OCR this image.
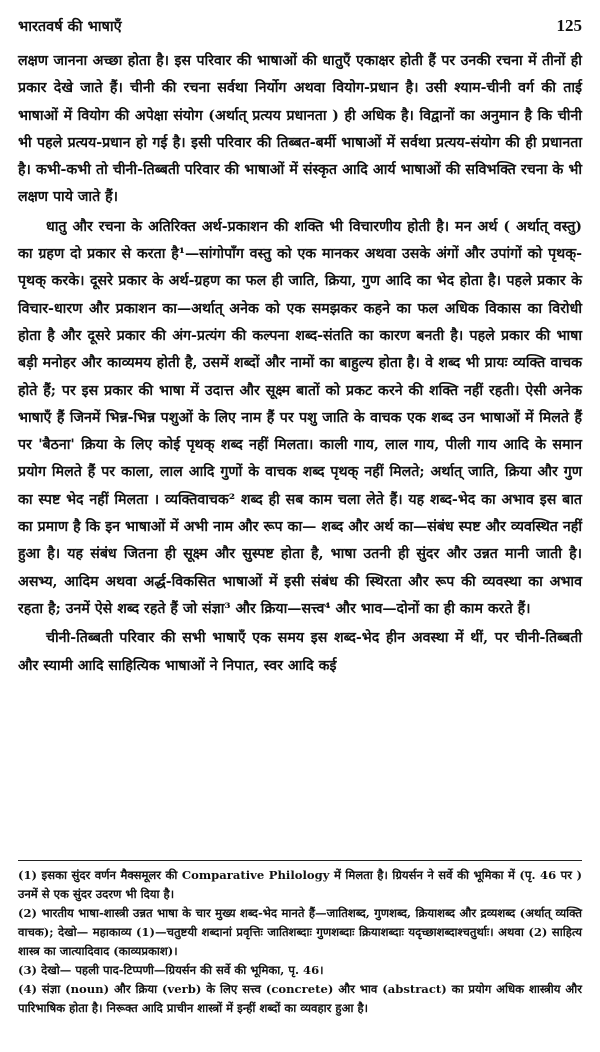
भारतवर्ष की भाषाएँ	125

लक्षण जानना अच्छा होता है। इस परिवार की भाषाओं की धातुएँ एकाक्षर होती हैं पर उनकी रचना में तीनों ही प्रकार देखे जाते हैं। चीनी की रचना सर्वथा निर्योग अथवा वियोग-प्रधान है। उसी श्याम-चीनी वर्ग की ताई भाषाओं में वियोग की अपेक्षा संयोग (अर्थात् प्रत्यय प्रधानता ) ही अधिक है। विद्वानों का अनुमान है कि चीनी भी पहले प्रत्यय-प्रधान हो गई है। इसी परिवार की तिब्बत-बर्मी भाषाओं में सर्वथा प्रत्यय-संयोग की ही प्रधानता है। कभी-कभी तो चीनी-तिब्बती परिवार की भाषाओं में संस्कृत आदि आर्य भाषाओं की सविभक्ति रचना के भी लक्षण पाये जाते हैं।

धातु और रचना के अतिरिक्त अर्थ-प्रकाशन की शक्ति भी विचारणीय होती है। मन अर्थ ( अर्थात् वस्तु) का ग्रहण दो प्रकार से करता है¹—सांगोपाँग वस्तु को एक मानकर अथवा उसके अंगों और उपांगों को पृथक्-पृथक् करके। दूसरे प्रकार के अर्थ-ग्रहण का फल ही जाति, क्रिया, गुण आदि का भेद होता है। पहले प्रकार के विचार-धारण और प्रकाशन का—अर्थात् अनेक को एक समझकर कहने का फल अधिक विकास का विरोधी होता है और दूसरे प्रकार की अंग-प्रत्यंग की कल्पना शब्द-संतति का कारण बनती है। पहले प्रकार की भाषा बड़ी मनोहर और काव्यमय होती है, उसमें शब्दों और नामों का बाहुल्य होता है। वे शब्द भी प्रायः व्यक्ति वाचक होते हैं; पर इस प्रकार की भाषा में उदात्त और सूक्ष्म बातों को प्रकट करने की शक्ति नहीं रहती। ऐसी अनेक भाषाएँ हैं जिनमें भिन्न-भिन्न पशुओं के लिए नाम हैं पर पशु जाति के वाचक एक शब्द उन भाषाओं में मिलते हैं पर 'बैठना' क्रिया के लिए कोई पृथक् शब्द नहीं मिलता। काली गाय, लाल गाय, पीली गाय आदि के समान प्रयोग मिलते हैं पर काला, लाल आदि गुणों के वाचक शब्द पृथक् नहीं मिलते; अर्थात् जाति, क्रिया और गुण का स्पष्ट भेद नहीं मिलता । व्यक्तिवाचक² शब्द ही सब काम चला लेते हैं। यह शब्द-भेद का अभाव इस बात का प्रमाण है कि इन भाषाओं में अभी नाम और रूप का— शब्द और अर्थ का—संबंध स्पष्ट और व्यवस्थित नहीं हुआ है। यह संबंध जितना ही सूक्ष्म और सुस्पष्ट होता है, भाषा उतनी ही सुंदर और उन्नत मानी जाती है। असभ्य, आदिम अथवा अर्द्ध-विकसित भाषाओं में इसी संबंध की स्थिरता और रूप की व्यवस्था का अभाव रहता है; उनमें ऐसे शब्द रहते हैं जो संज्ञा³ और क्रिया—सत्त्व⁴ और भाव—दोनों का ही काम करते हैं।

चीनी-तिब्बती परिवार की सभी भाषाएँ एक समय इस शब्द-भेद हीन अवस्था में थीं, पर चीनी-तिब्बती और स्यामी आदि साहित्यिक भाषाओं ने निपात, स्वर आदि कई

(1) इसका सुंदर वर्णन मैक्समूलर की Comparative Philology में मिलता है। ग्रियर्सन ने सर्वे की भूमिका में (पृ. 46 पर ) उनमें से एक सुंदर उदरण भी दिया है।

(2) भारतीय भाषा-शास्त्री उन्नत भाषा के चार मुख्य शब्द-भेद मानते हैं—जातिशब्द, गुणशब्द, क्रियाशब्द और द्रव्यशब्द (अर्थात् व्यक्ति वाचक); देखो— महाकाव्य (1)—चतुष्टयी शब्दानां प्रवृत्तिः जातिशब्दाः गुणशब्दाः क्रियाशब्दाः यदृच्छाशब्दाश्चतुर्थाः। अथवा (2) साहित्य शास्त्र का जात्यादिवाद (काव्यप्रकाश)।

(3) देखो— पहली पाद-टिप्पणी—ग्रियर्सन की सर्वे की भूमिका, पृ. 46।

(4) संज्ञा (noun) और क्रिया (verb) के लिए सत्त्व (concrete) और भाव (abstract) का प्रयोग अधिक शास्त्रीय और पारिभाषिक होता है। निरूक्त आदि प्राचीन शास्त्रों में इन्हीं शब्दों का व्यवहार हुआ है।
